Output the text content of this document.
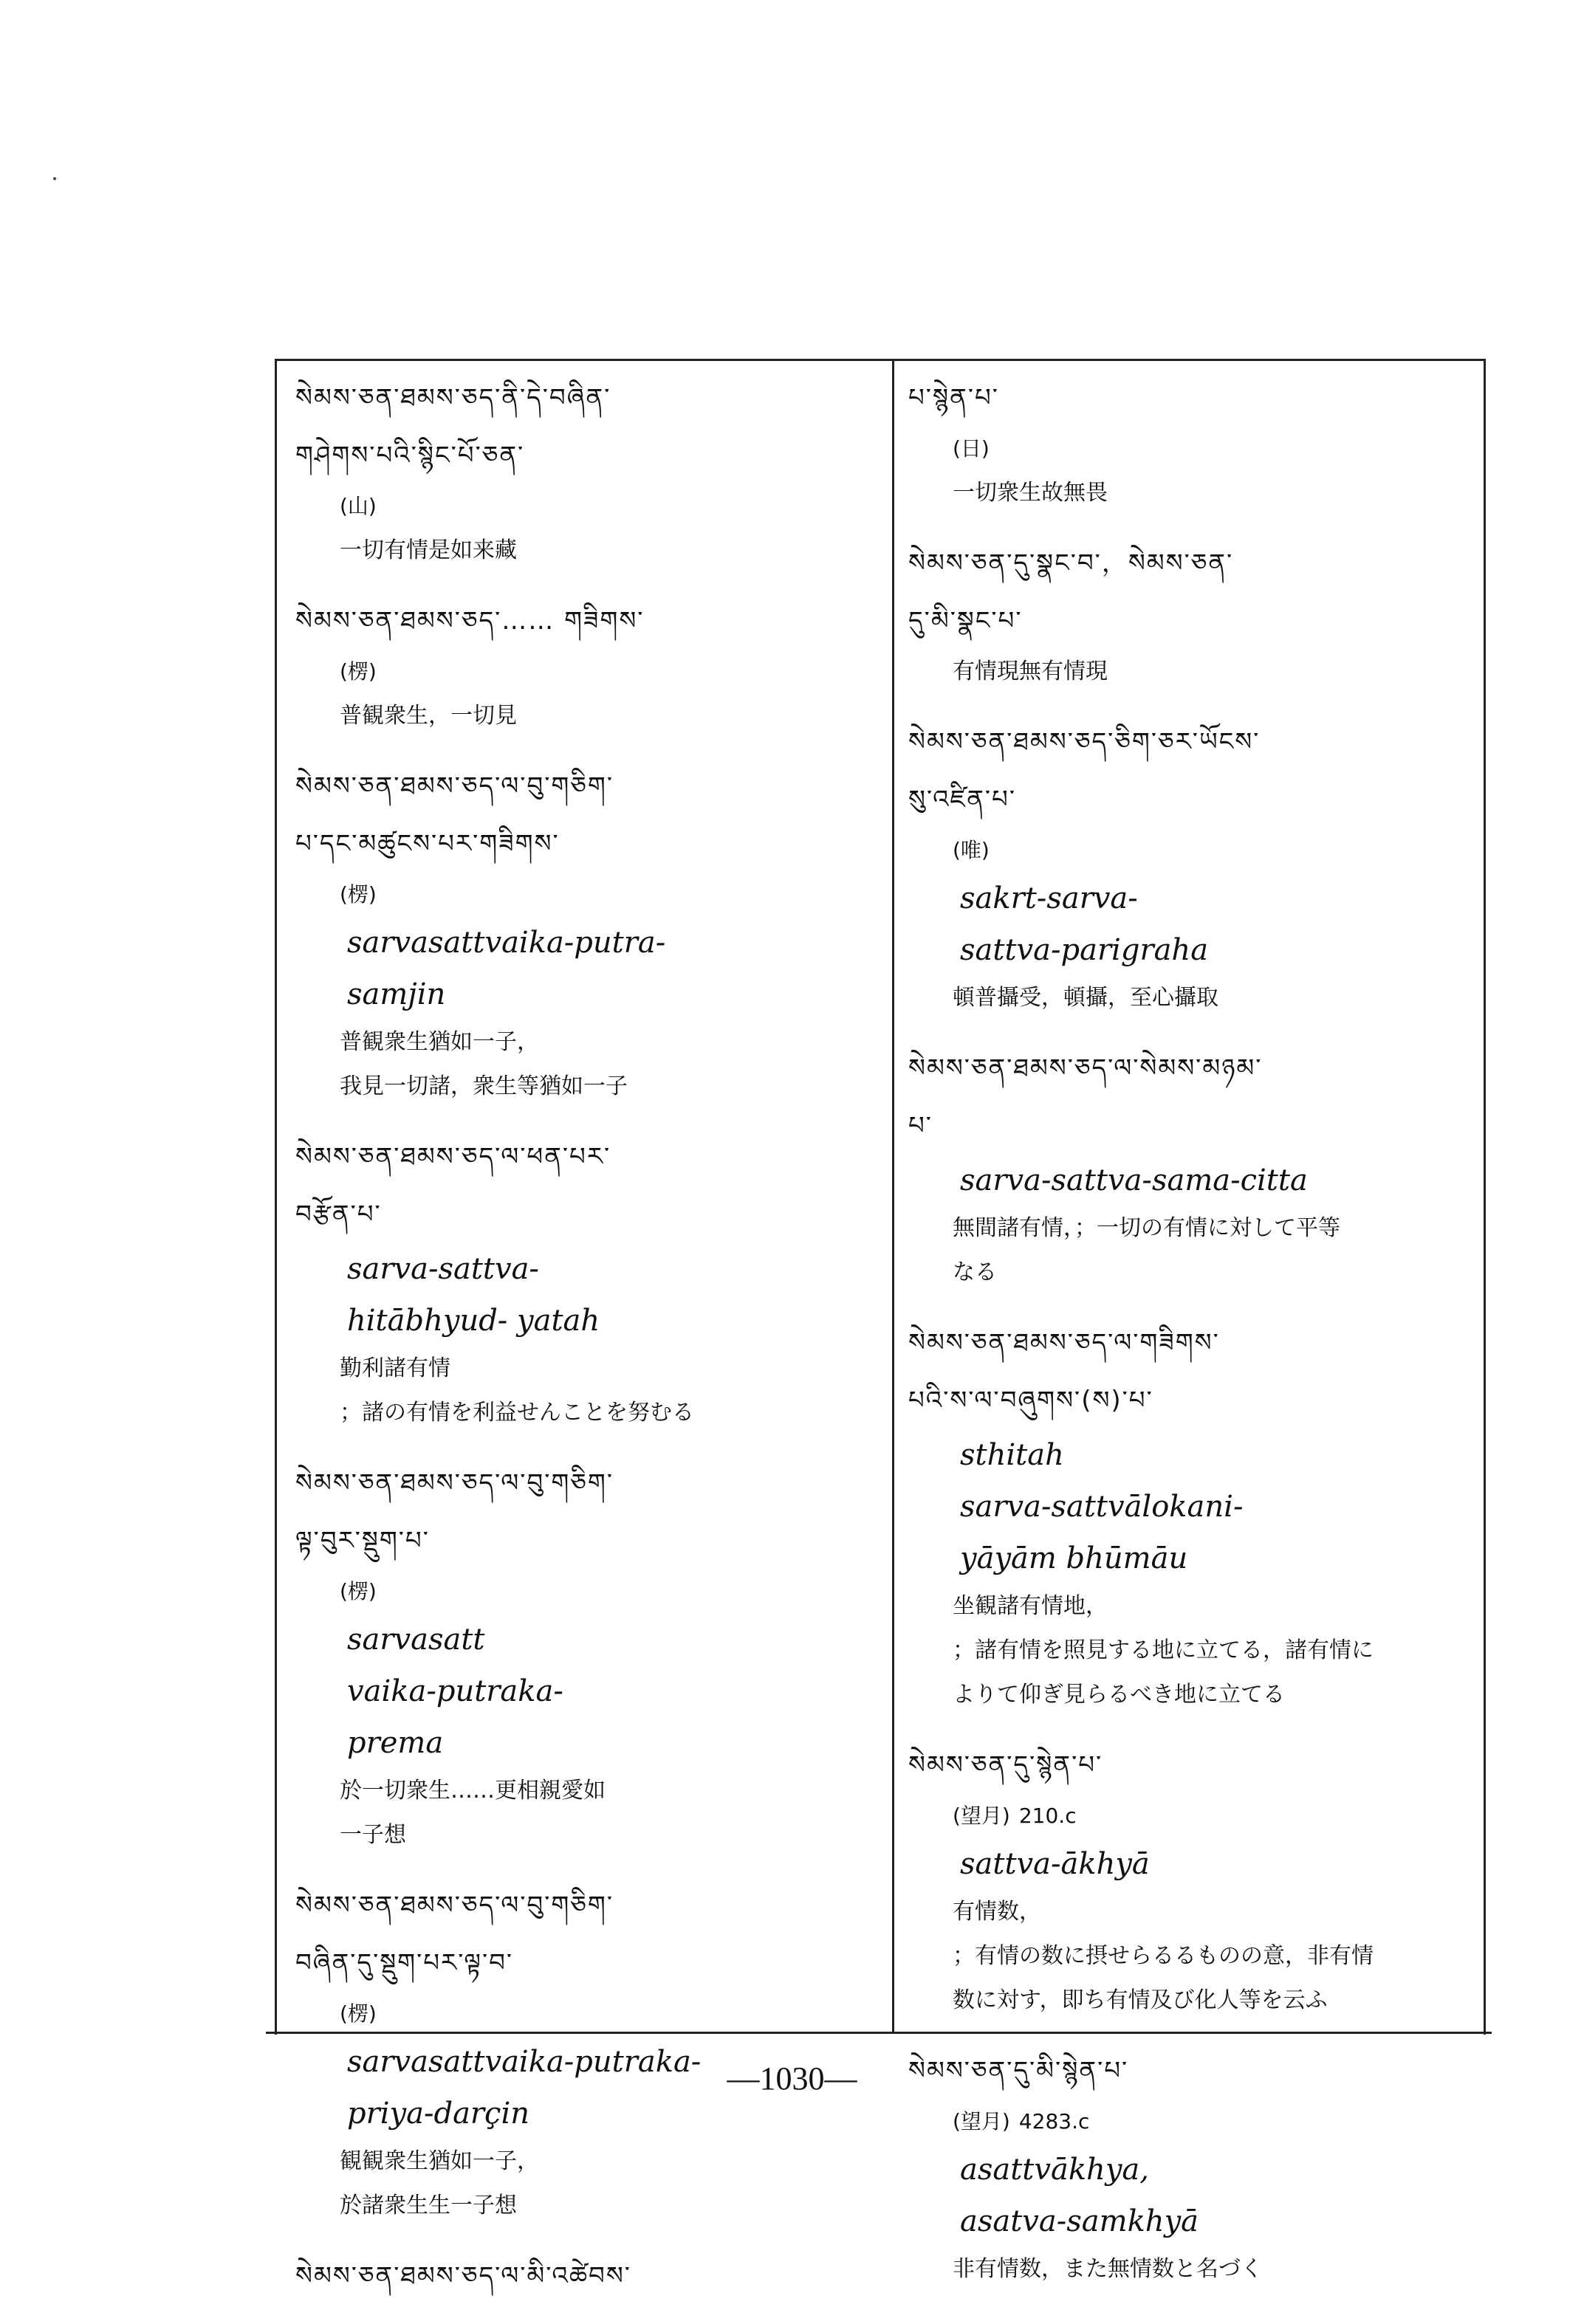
སེམས་ཅན་ཐམས་ཅད་ནི་དེ་བཞིན་
གཤེགས་པའི་སྙིང་པོ་ཅན་
(山)
一切有情是如来藏
སེམས་ཅན་ཐམས་ཅད་…… གཟིགས་
(楞)
普観衆生，一切見
སེམས་ཅན་ཐམས་ཅད་ལ་བུ་གཅིག་
པ་དང་མཚུངས་པར་གཟིགས་
(楞)
sarvasattvaika-putra-
samjin
普観衆生猶如一子，
我見一切諸，衆生等猶如一子
སེམས་ཅན་ཐམས་ཅད་ལ་ཕན་པར་
བརྩོན་པ་
sarva-sattva-
hitābhyud- yatah
勤利諸有情
；諸の有情を利益せんことを努むる
སེམས་ཅན་ཐམས་ཅད་ལ་བུ་གཅིག་
ལྟ་བུར་སྡུག་པ་
(楞)
sarvasatt
vaika-putraka-
prema
於一切衆生……更相親愛如
一子想
སེམས་ཅན་ཐམས་ཅད་ལ་བུ་གཅིག་
བཞིན་དུ་སྡུག་པར་ལྟ་བ་
(楞)
sarvasattvaika-putraka-
priya-darçin
観観衆生猶如一子，
於諸衆生生一子想
སེམས་ཅན་ཐམས་ཅད་ལ་མི་འཚེབས་
པ་སྙེན་པ་
(日)
一切衆生故無畏
སེམས་ཅན་དུ་སྣང་བ་，སེམས་ཅན་
དུ་མི་སྣང་པ་
有情現無有情現
སེམས་ཅན་ཐམས་ཅད་ཅིག་ཅར་ཡོངས་
སུ་འཛིན་པ་
(唯)
sakrt-sarva-
sattva-parigraha
頓普攝受，頓攝，至心攝取
སེམས་ཅན་ཐམས་ཅད་ལ་སེམས་མཉམ་
པ་
sarva-sattva-sama-citta
無間諸有情，；一切の有情に対して平等
なる
སེམས་ཅན་ཐམས་ཅད་ལ་གཟིགས་
པའི་ས་ལ་བཞུགས་(ས)་པ་
sthitah
sarva-sattvālokani-
yāyām bhūmāu
坐観諸有情地，
；諸有情を照見する地に立てる，諸有情に
よりて仰ぎ見らるべき地に立てる
སེམས་ཅན་དུ་སྙེན་པ་
(望月) 210.c
sattva-ākhyā
有情数，
；有情の数に摂せらるるものの意，非有情
数に対す，即ち有情及び化人等を云ふ
སེམས་ཅན་དུ་མི་སྙེན་པ་
(望月) 4283.c
asattvākhya,
asatva-samkhyā
非有情数，また無情数と名づく
—1030—
